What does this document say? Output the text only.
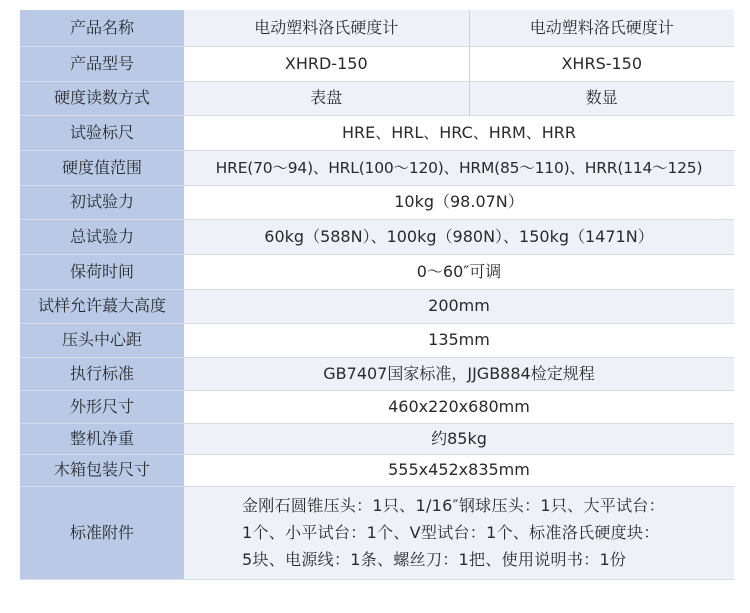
产品名称	电动塑料洛氏硬度计	电动塑料洛氏硬度计
产品型号	XHRD-150	XHRS-150
硬度读数方式	表盘	数显
试验标尺	HRE、HRL、HRC、HRM、HRR	
硬度值范围	HRE(70～94)、HRL(100～120)、HRM(85～110)、HRR(114～125)	
初试验力	10kg（98.07N）	
总试验力	60kg（588N）、100kg（980N）、150kg（1471N）	
保荷时间	0～60″可调	
试样允许蕞大高度	200mm	
压头中心距	135mm	
执行标准	GB7407国家标准，JJGB884检定规程	
外形尺寸	460x220x680mm	
整机净重	约85kg	
木箱包装尺寸	555x452x835mm	
标准附件	金刚石圆锥压头：1只、1/16″钢球压头：1只、大平试台：
1个、小平试台：1个、V型试台：1个、标准洛氏硬度块：
5块、电源线：1条、螺丝刀：1把、使用说明书：1份	
